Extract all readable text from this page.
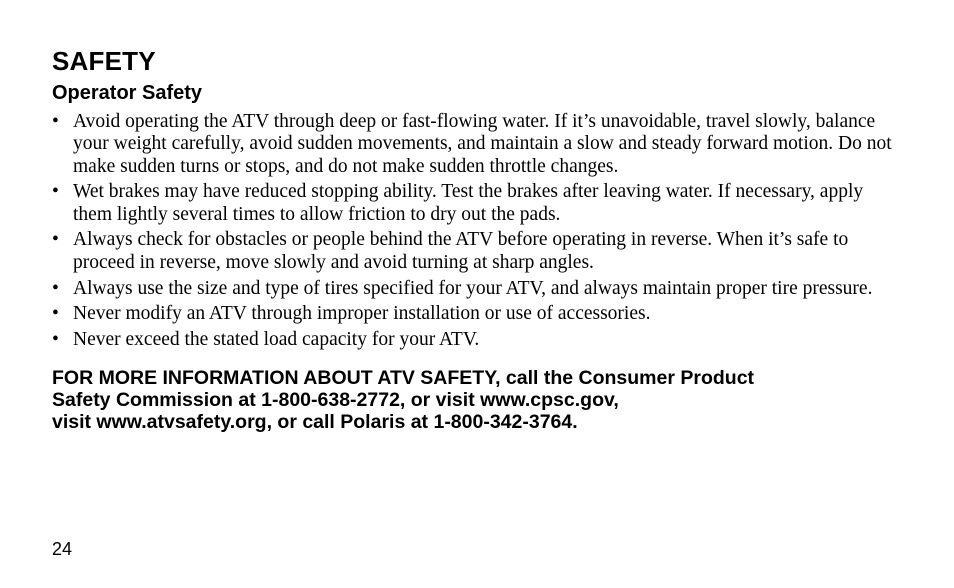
SAFETY
Operator Safety
• Avoid operating the ATV through deep or fast-flowing water. If it’s unavoidable, travel slowly, balance your weight carefully, avoid sudden movements, and maintain a slow and steady forward motion. Do not make sudden turns or stops, and do not make sudden throttle changes.
• Wet brakes may have reduced stopping ability. Test the brakes after leaving water. If necessary, apply them lightly several times to allow friction to dry out the pads.
• Always check for obstacles or people behind the ATV before operating in reverse. When it’s safe to proceed in reverse, move slowly and avoid turning at sharp angles.
• Always use the size and type of tires specified for your ATV, and always maintain proper tire pressure.
• Never modify an ATV through improper installation or use of accessories.
• Never exceed the stated load capacity for your ATV.

FOR MORE INFORMATION ABOUT ATV SAFETY, call the Consumer Product
Safety Commission at 1-800-638-2772, or visit www.cpsc.gov,
visit www.atvsafety.org, or call Polaris at 1-800-342-3764.

24
